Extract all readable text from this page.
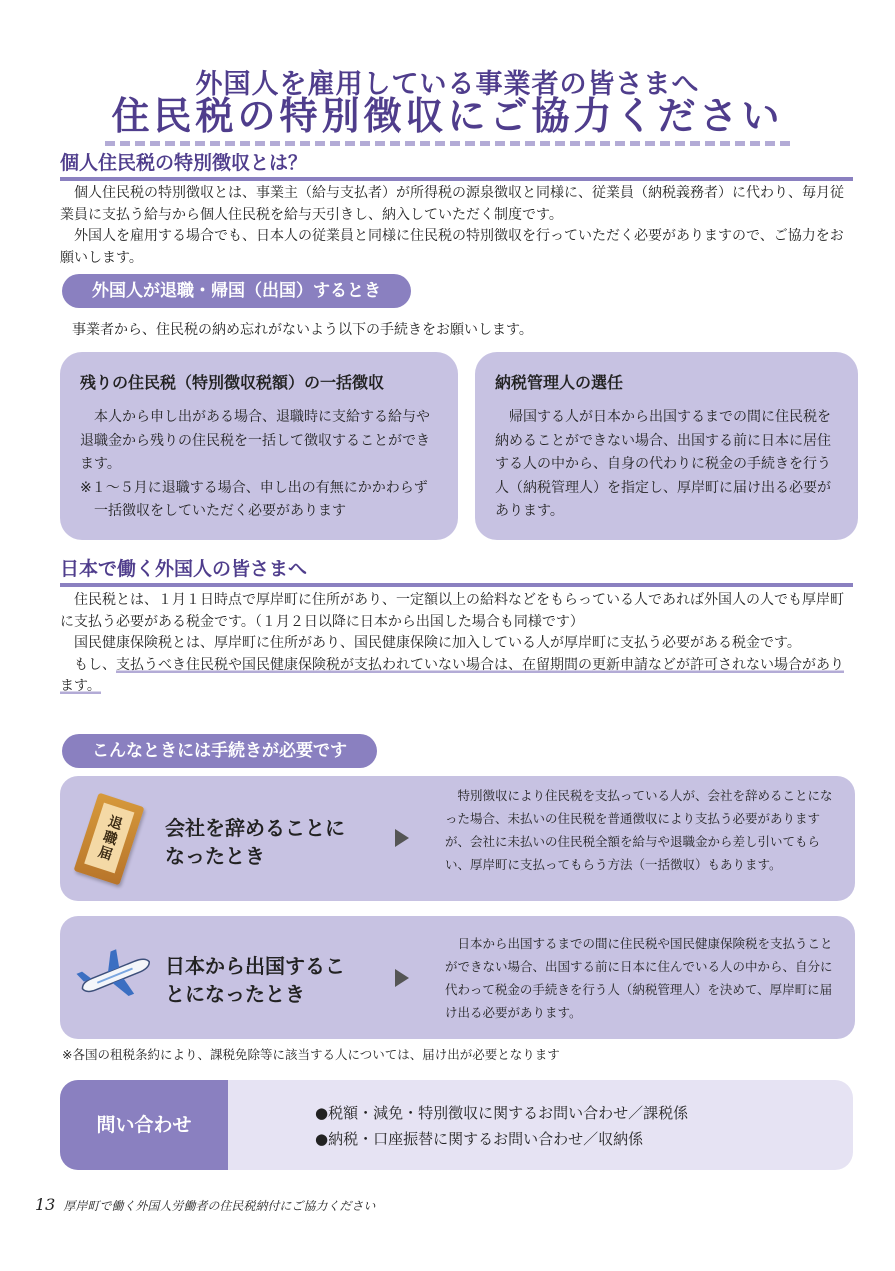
外国人を雇用している事業者の皆さまへ
住民税の特別徴収にご協力ください
個人住民税の特別徴収とは？

個人住民税の特別徴収とは、事業主（給与支払者）が所得税の源泉徴収と同様に、従業員（納税義務者）に代わり、毎月従業員に支払う給与から個人住民税を給与天引きし、納入していただく制度です。

外国人を雇用する場合でも、日本人の従業員と同様に住民税の特別徴収を行っていただく必要がありますので、ご協力をお願いします。

外国人が退職・帰国（出国）するとき
事業者から、住民税の納め忘れがないよう以下の手続きをお願いします。
残りの住民税（特別徴収税額）の一括徴収

本人から申し出がある場合、退職時に支給する給与や退職金から残りの住民税を一括して徴収することができます。

※１～５月に退職する場合、申し出の有無にかかわらず一括徴収をしていただく必要があります

納税管理人の選任

帰国する人が日本から出国するまでの間に住民税を納めることができない場合、出国する前に日本に居住する人の中から、自身の代わりに税金の手続きを行う人（納税管理人）を指定し、厚岸町に届け出る必要があります。

日本で働く外国人の皆さまへ

住民税とは、１月１日時点で厚岸町に住所があり、一定額以上の給料などをもらっている人であれば外国人の人でも厚岸町に支払う必要がある税金です。（１月２日以降に日本から出国した場合も同様です）

国民健康保険税とは、厚岸町に住所があり、国民健康保険に加入している人が厚岸町に支払う必要がある税金です。

もし、支払うべき住民税や国民健康保険税が支払われていない場合は、在留期間の更新申請などが許可されない場合があります。

こんなときには手続きが必要です
退職届	会社を辞めることに
なったとき

特別徴収により住民税を支払っている人が、会社を辞めることになった場合、未払いの住民税を普通徴収により支払う必要がありますが、会社に未払いの住民税全額を給与や退職金から差し引いてもらい、厚岸町に支払ってもらう方法（一括徴収）もあります。

日本から出国するこ
とになったとき

日本から出国するまでの間に住民税や国民健康保険税を支払うことができない場合、出国する前に日本に住んでいる人の中から、自分に代わって税金の手続きを行う人（納税管理人）を決めて、厚岸町に届け出る必要があります。

※各国の租税条約により、課税免除等に該当する人については、届け出が必要となります
問い合わせ
●税額・減免・特別徴収に関するお問い合わせ／課税係
●納税・口座振替に関するお問い合わせ／収納係
13 厚岸町で働く外国人労働者の住民税納付にご協力ください
